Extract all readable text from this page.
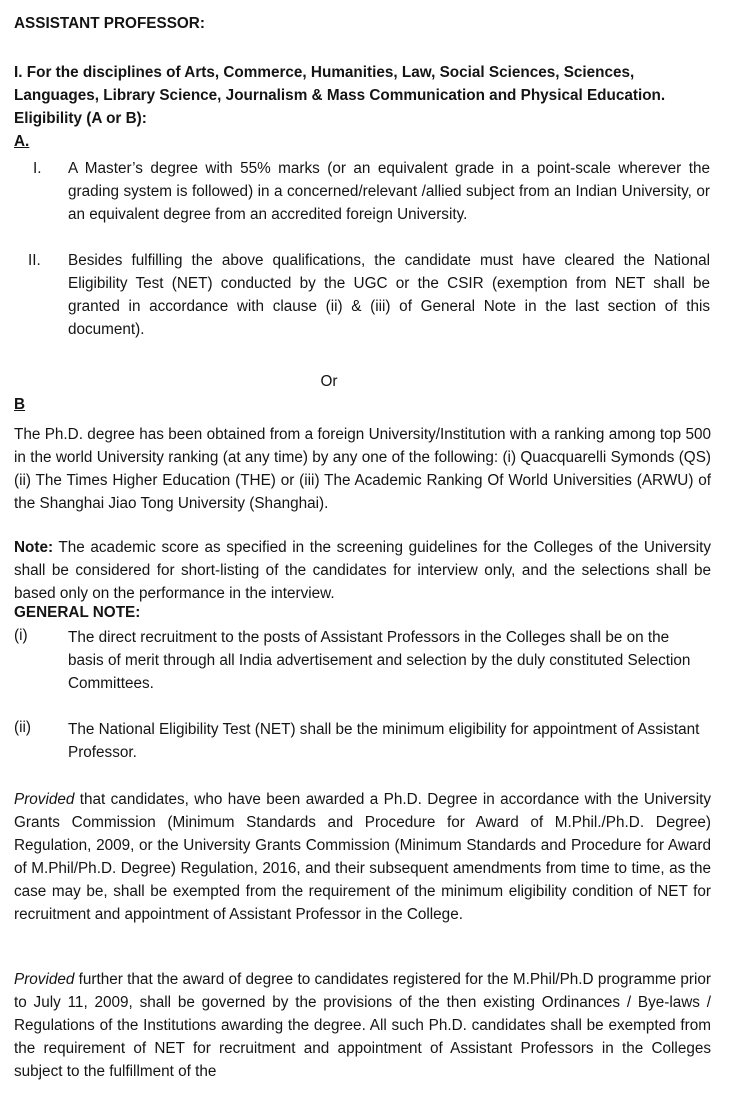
ASSISTANT PROFESSOR:
I. For the disciplines of Arts, Commerce, Humanities, Law, Social Sciences, Sciences,
Languages, Library Science, Journalism & Mass Communication and Physical Education.
Eligibility (A or B):
A.
I. A Master’s degree with 55% marks (or an equivalent grade in a point-scale wherever the grading system is followed) in a concerned/relevant /allied subject from an Indian University, or an equivalent degree from an accredited foreign University.
II. Besides fulfilling the above qualifications, the candidate must have cleared the National Eligibility Test (NET) conducted by the UGC or the CSIR (exemption from NET shall be granted in accordance with clause (ii) & (iii) of General Note in the last section of this document).
Or
B
The Ph.D. degree has been obtained from a foreign University/Institution with a ranking among top 500 in the world University ranking (at any time) by any one of the following: (i) Quacquarelli Symonds (QS) (ii) The Times Higher Education (THE) or (iii) The Academic Ranking Of World Universities (ARWU) of the Shanghai Jiao Tong University (Shanghai).
Note: The academic score as specified in the screening guidelines for the Colleges of the University shall be considered for short-listing of the candidates for interview only, and the selections shall be based only on the performance in the interview.
GENERAL NOTE:
(i)	The direct recruitment to the posts of Assistant Professors in the Colleges shall be on the basis of merit through all India advertisement and selection by the duly constituted Selection Committees.
(ii) The National Eligibility Test (NET) shall be the minimum eligibility for appointment of Assistant Professor.
Provided that candidates, who have been awarded a Ph.D. Degree in accordance with the University Grants Commission (Minimum Standards and Procedure for Award of M.Phil./Ph.D. Degree) Regulation, 2009, or the University Grants Commission (Minimum Standards and Procedure for Award of M.Phil/Ph.D. Degree) Regulation, 2016, and their subsequent amendments from time to time, as the case may be, shall be exempted from the requirement of the minimum eligibility condition of NET for recruitment and appointment of Assistant Professor in the College.
Provided further that the award of degree to candidates registered for the M.Phil/Ph.D programme prior to July 11, 2009, shall be governed by the provisions of the then existing Ordinances / Bye-laws / Regulations of the Institutions awarding the degree. All such Ph.D. candidates shall be exempted from the requirement of NET for recruitment and appointment of Assistant Professors in the Colleges subject to the fulfillment of the
